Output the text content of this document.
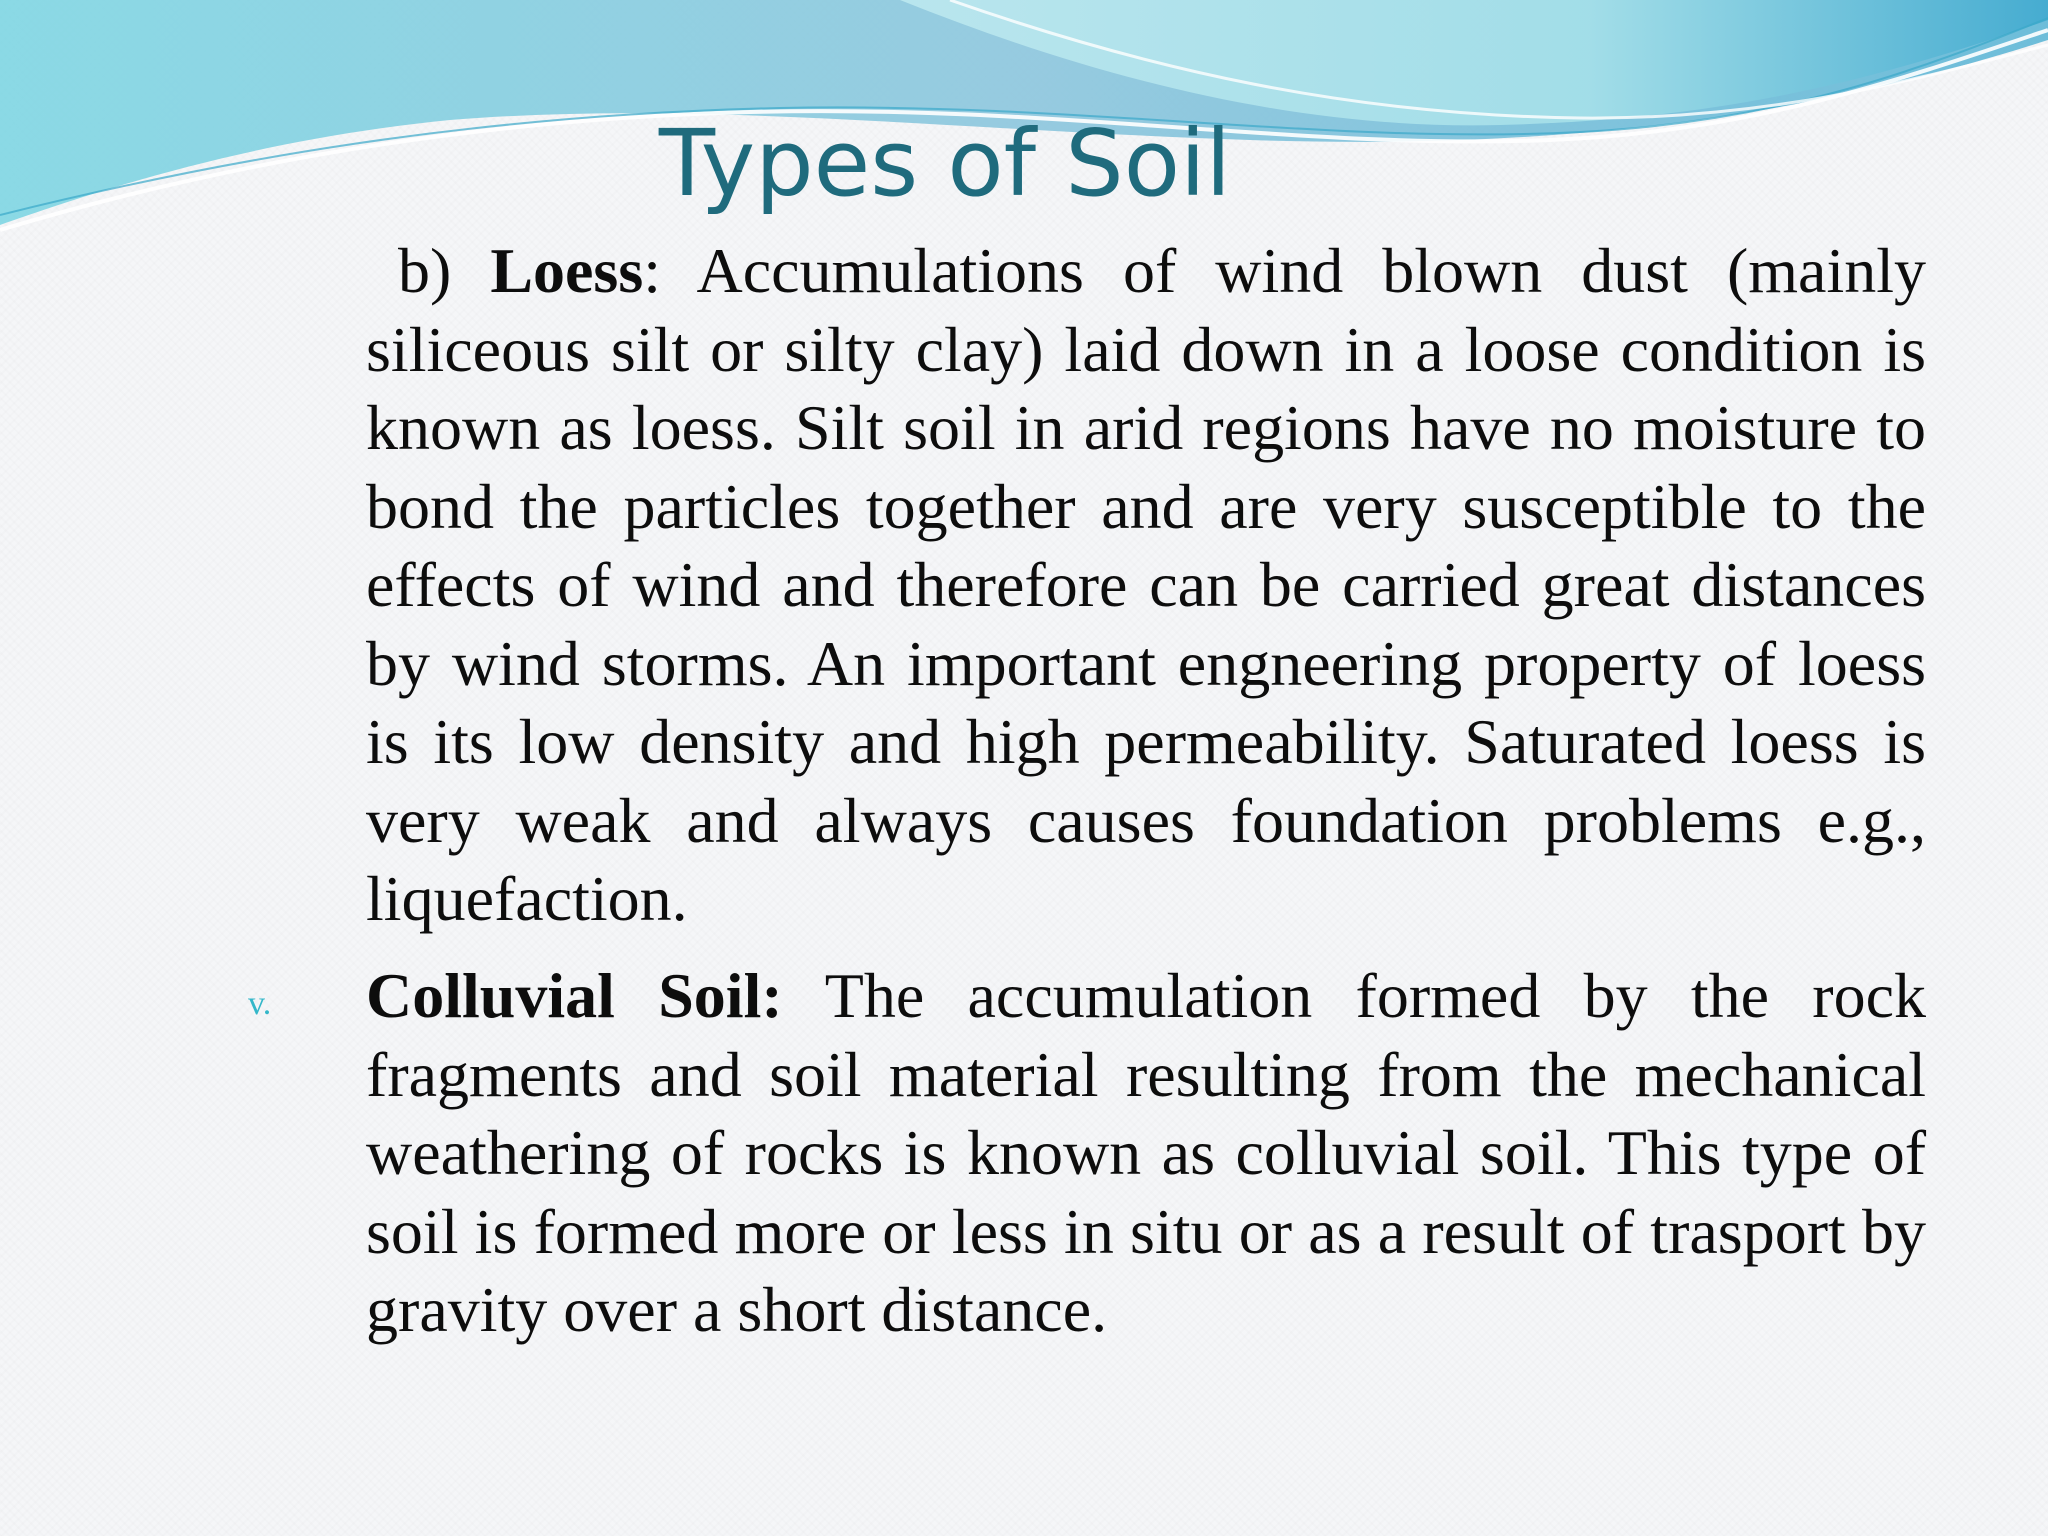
Types of Soil

b) Loess: Accumulations of wind blown dust (mainly siliceous silt or silty clay) laid down in a loose condition is known as loess. Silt soil in arid regions have no moisture to bond the particles together and are very susceptible to the effects of wind and therefore can be carried great distances by wind storms. An important engneering property of loess is its low density and high permeability. Saturated loess is very weak and always causes foundation problems e.g., liquefaction.

v. Colluvial Soil: The accumulation formed by the rock fragments and soil material resulting from the mechanical weathering of rocks is known as colluvial soil. This type of soil is formed more or less in situ or as a result of trasport by gravity over a short distance.
